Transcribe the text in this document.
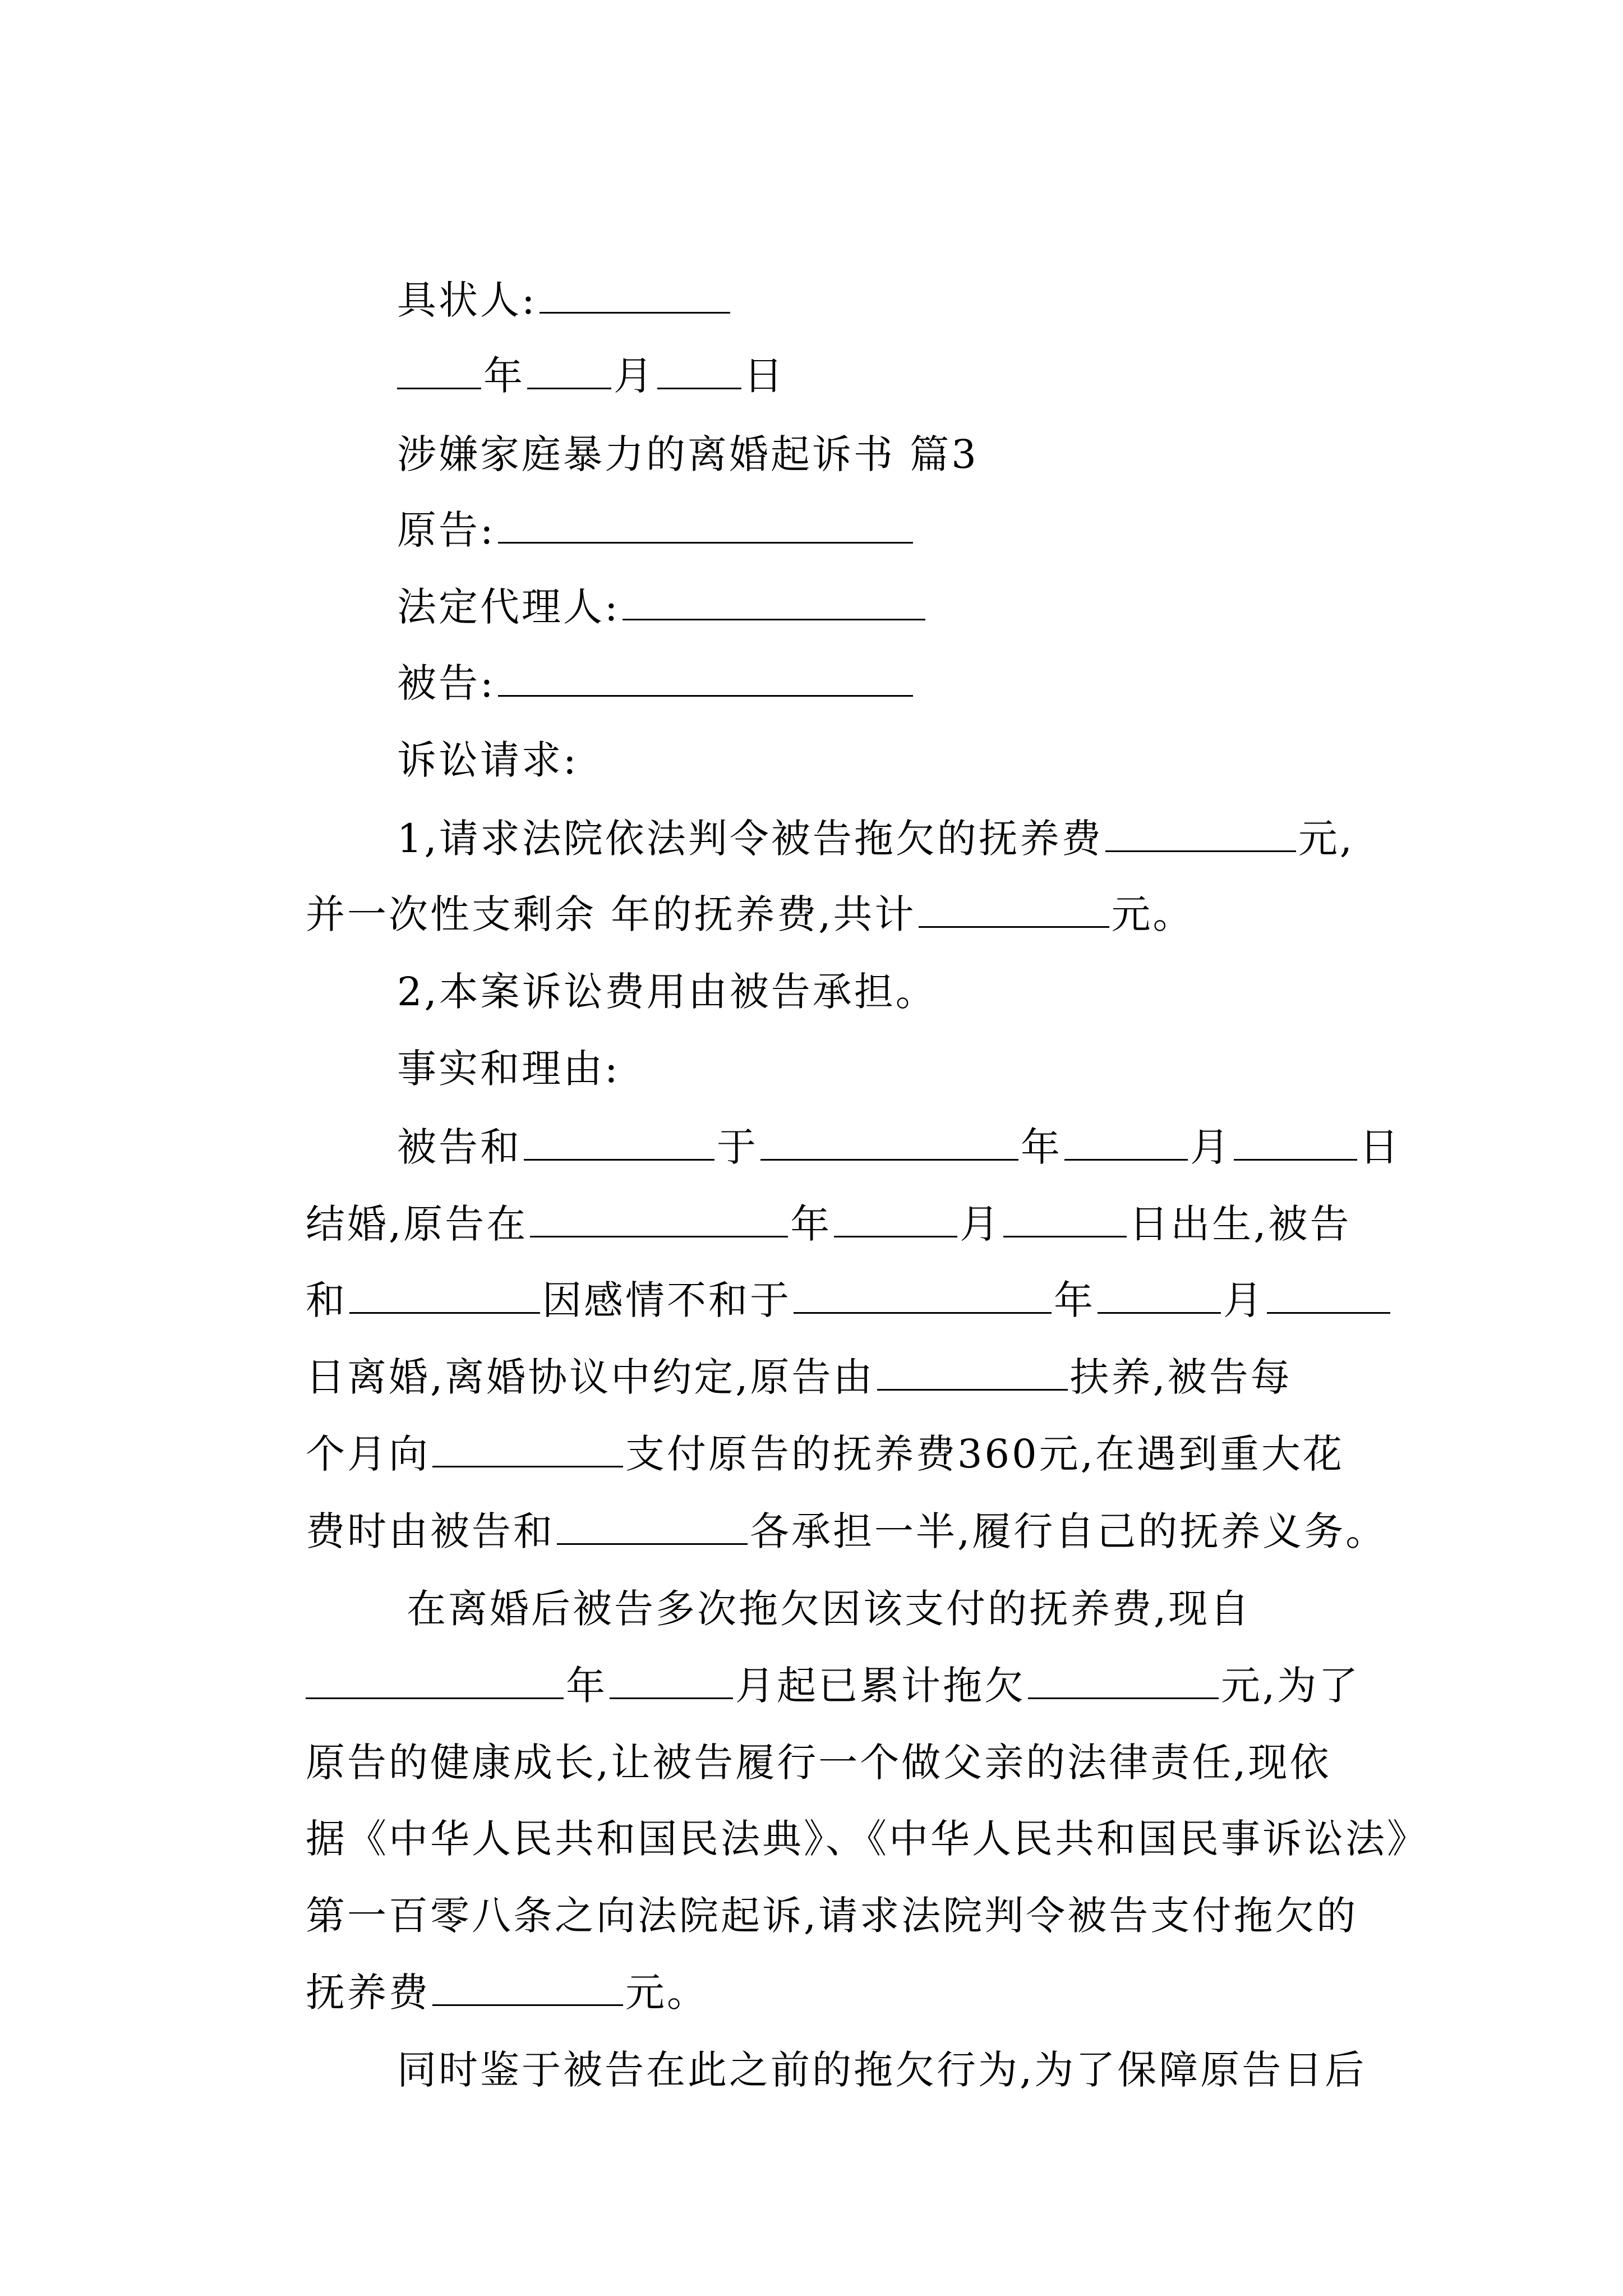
具状人:

年 月 日

涉嫌家庭暴力的离婚起诉书 篇3

原告:

法定代理人:

被告:

诉讼请求:

1,请求法院依法判令被告拖欠的抚养费	元,

并一次性支剩余 年的抚养费,共计	元。

2,本案诉讼费用由被告承担。

事实和理由:

被告和	于	年	月	日

结婚,原告在	年	月	日出生,被告

和	因感情不和于	年	月

日离婚,离婚协议中约定,原告由	扶养,被告每

个月向	支付原告的抚养费360元,在遇到重大花

费时由被告和	各承担一半,履行自己的抚养义务。

在离婚后被告多次拖欠因该支付的抚养费,现自

年	月起已累计拖欠	元,为了

原告的健康成长,让被告履行一个做父亲的法律责任,现依

据《中华人民共和国民法典》、《中华人民共和国民事诉讼法》

第一百零八条之向法院起诉,请求法院判令被告支付拖欠的

抚养费	元。

同时鉴于被告在此之前的拖欠行为,为了保障原告日后
